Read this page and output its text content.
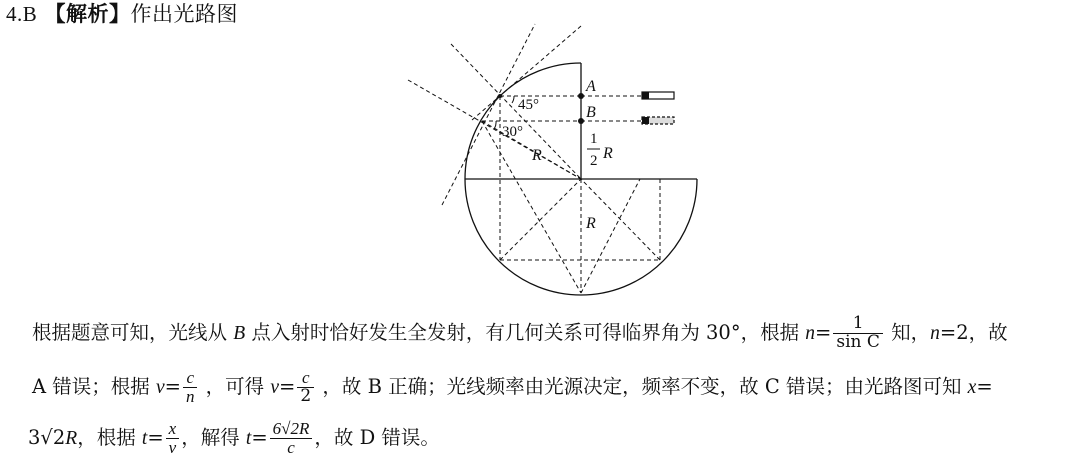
4.B 【解析】作出光路图
A
B
45°
30°
R
1
2 R
R
根据题意可知，光线从 B 点入射时恰好发生全发射，有几何关系可得临界角为 30°，根据 $n= \frac{1}{\text{sin C}}$ 知，n=2，故
A 错误；根据 $v= \frac{c}{n}$ ，可得 $v= \frac{c}{2}$ ，故 B 正确；光线频率由光源决定，频率不变，故 C 错误；由光路图可知 x=
3√2R，根据 $t= \frac{x}{v}$ ，解得 $t= \frac{6√2R}{c}$ ，故 D 错误。
